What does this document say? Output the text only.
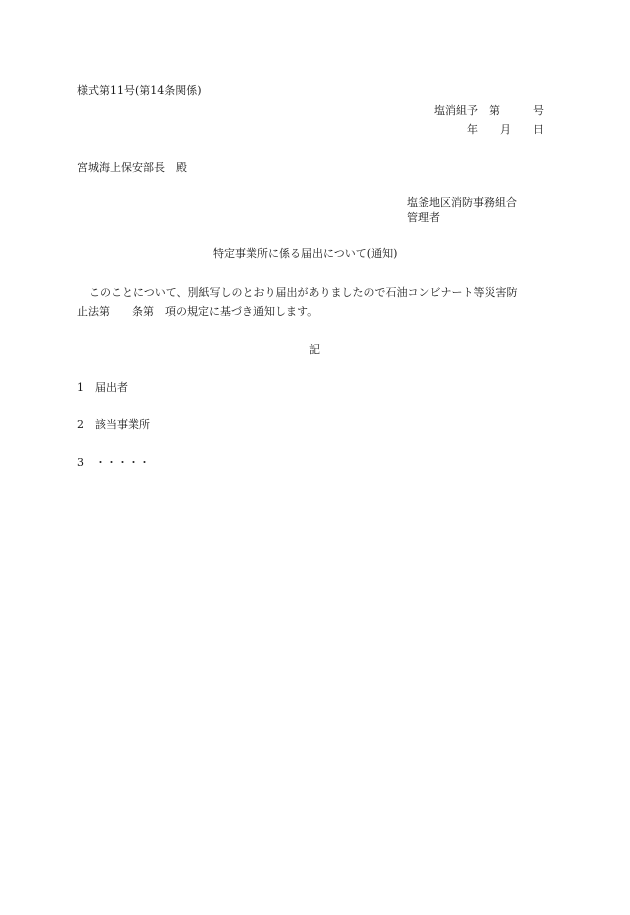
様式第11号(第14条関係)
塩消組予　第　　　号
年　　月　　日
宮城海上保安部長　殿
塩釜地区消防事務組合
管理者
特定事業所に係る届出について(通知)
このことについて、別紙写しのとおり届出がありましたので石油コンビナート等災害防
止法第　　条第　項の規定に基づき通知します。
記
1　届出者
2　該当事業所
3　・・・・・
